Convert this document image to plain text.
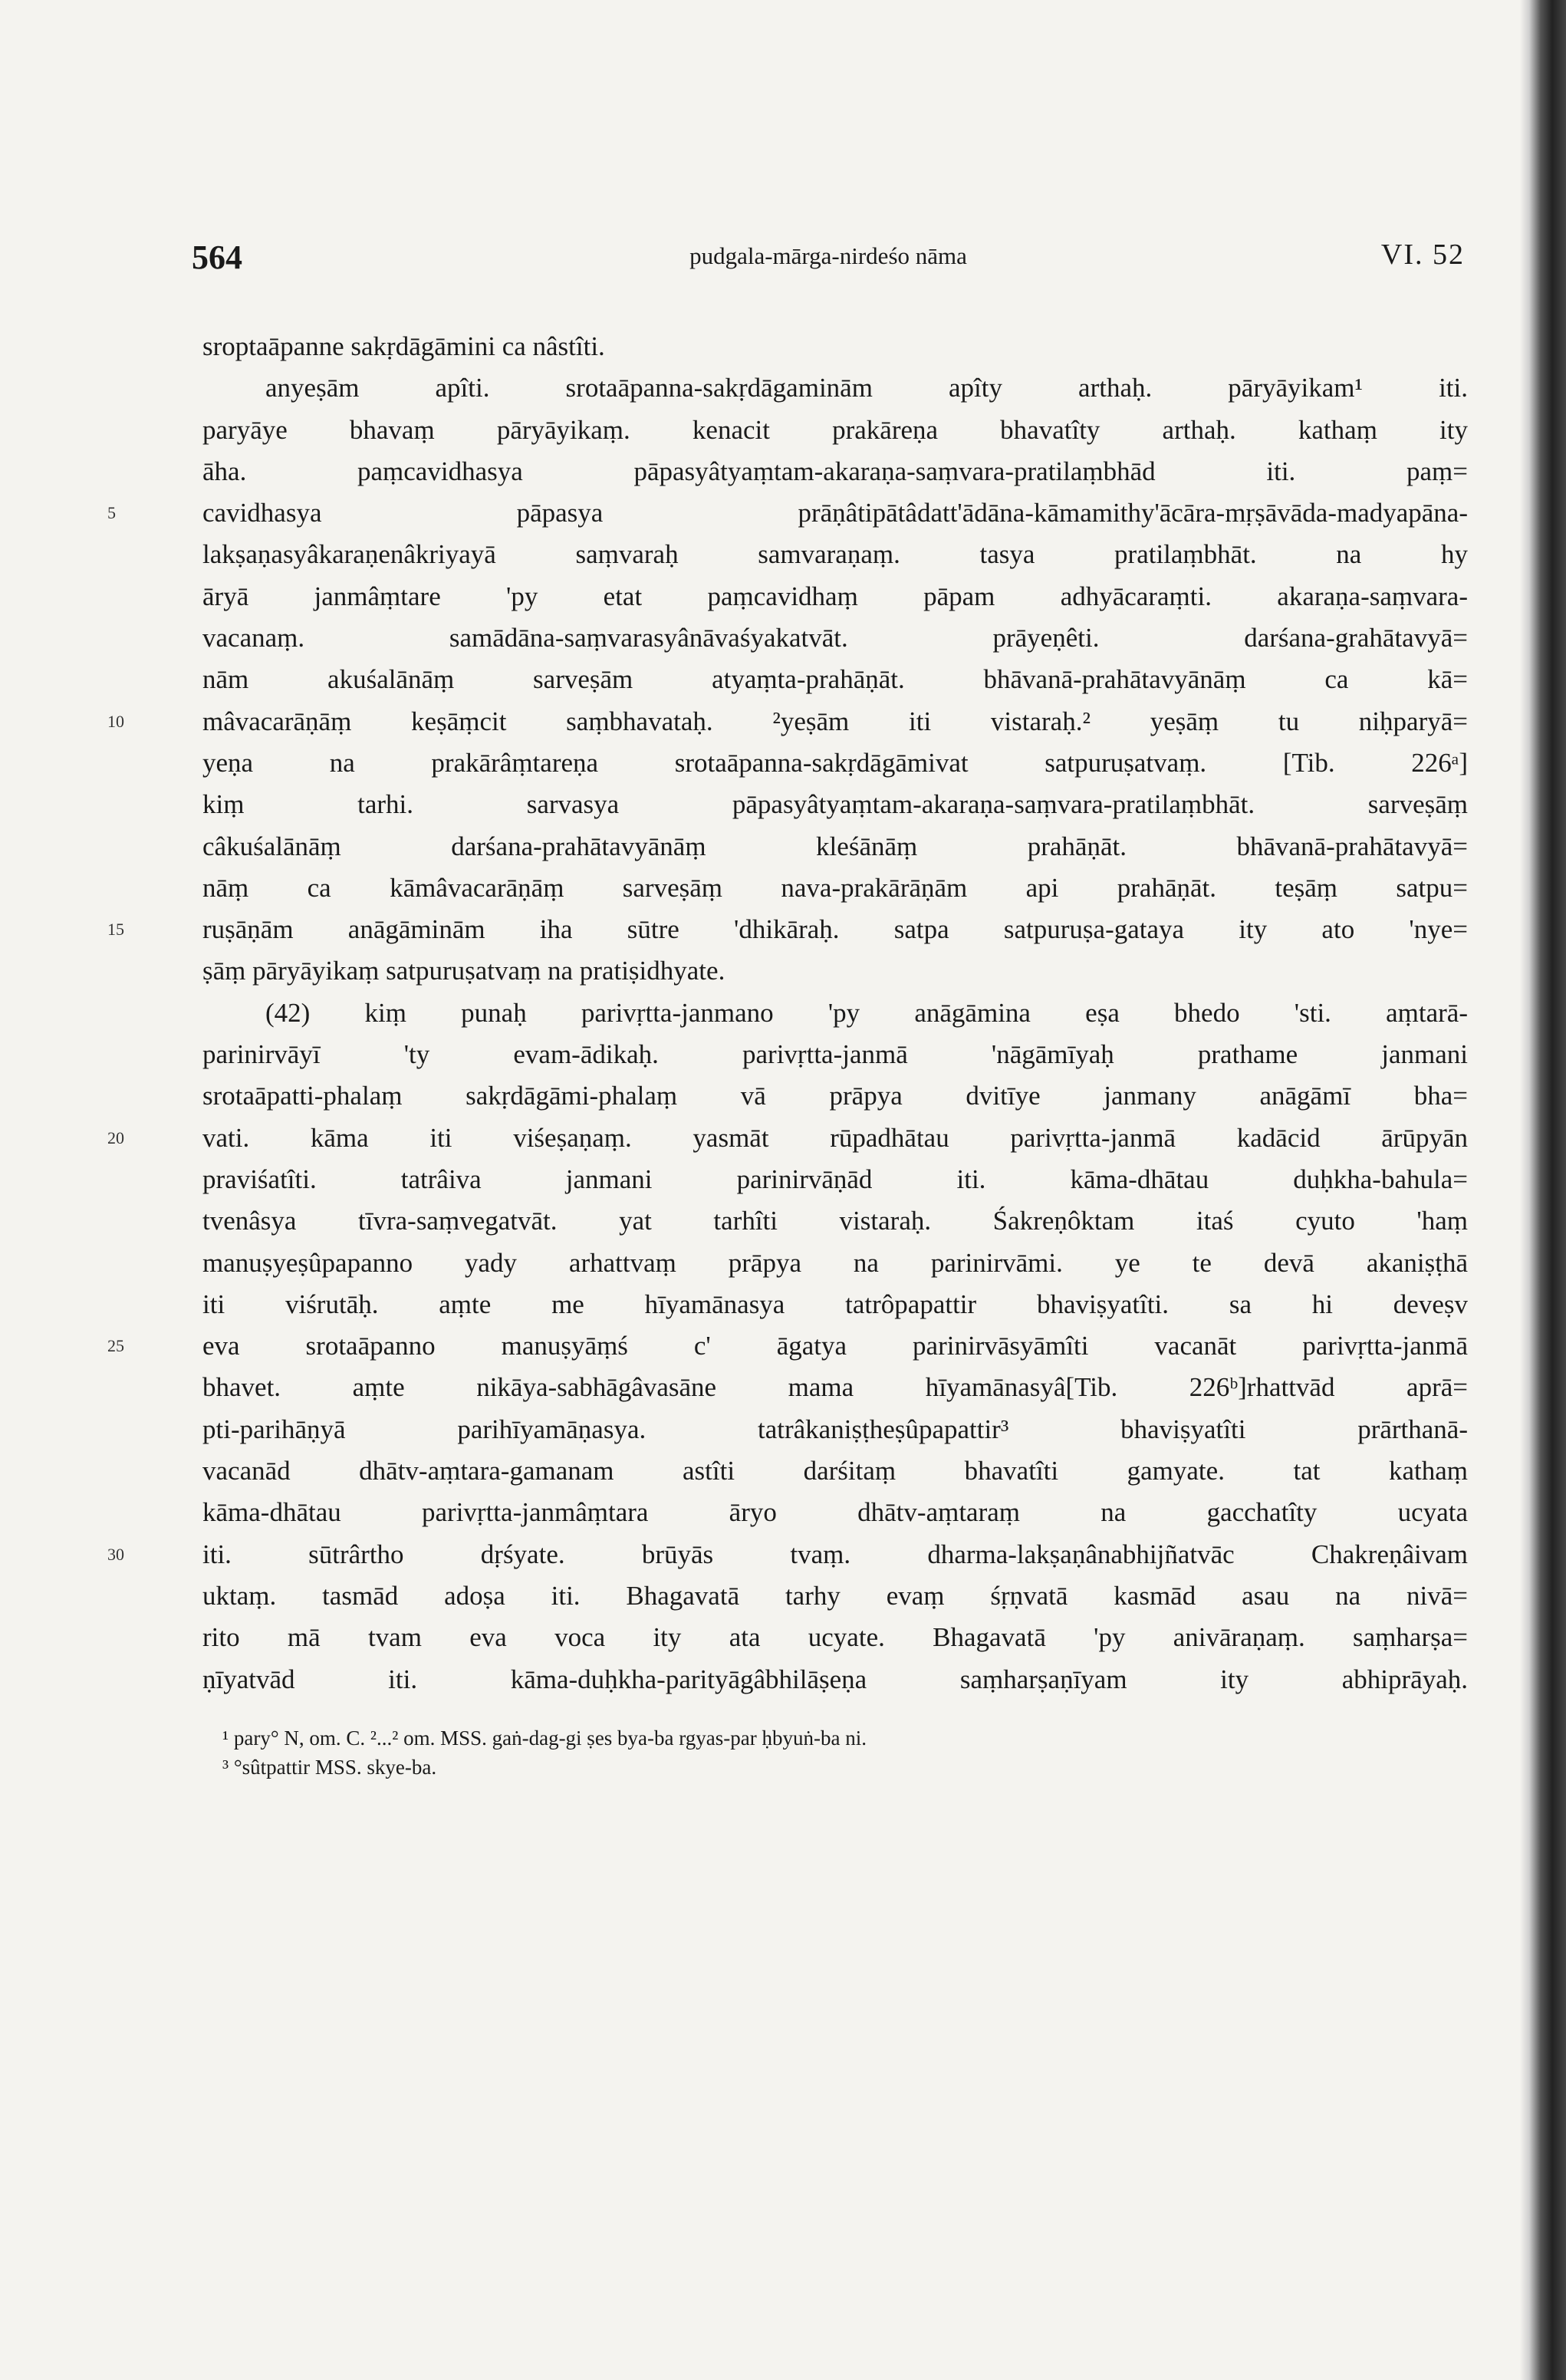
564	pudgala-mārga-nirdeśo nāma	VI. 52
sroptaāpanne sakṛdāgāmini ca nâstîti.
anyeṣām apîti. srotaāpanna-sakṛdāgaminām apîty arthaḥ. pāryāyikam¹ iti.
paryāye bhavaṃ pāryāyikaṃ. kenacit prakāreṇa bhavatîty arthaḥ. kathaṃ ity
āha. paṃcavidhasya pāpasyâtyaṃtam-akaraṇa-saṃvara-pratilaṃbhād iti. paṃ=
5	cavidhasya pāpasya prāṇâtipātâdatt'ādāna-kāmamithy'ācāra-mṛṣāvāda-madyapāna-
lakṣaṇasyâkaraṇenâkriyayā saṃvaraḥ samvaraṇaṃ. tasya pratilaṃbhāt. na hy
āryā janmâṃtare 'py etat paṃcavidhaṃ pāpam adhyācaraṃti. akaraṇa-saṃvara-
vacanaṃ. samādāna-saṃvarasyânāvaśyakatvāt. prāyeṇêti. darśana-grahātavyā=
nām akuśalānāṃ sarveṣām atyaṃta-prahāṇāt. bhāvanā-prahātavyānāṃ ca kā=
10	mâvacarāṇāṃ keṣāṃcit saṃbhavataḥ. ²yeṣām iti vistaraḥ.² yeṣāṃ tu niḥparyā=
yeṇa na prakārâṃtareṇa srotaāpanna-sakṛdāgāmivat satpuruṣatvaṃ. [Tib. 226ᵃ]
kiṃ tarhi. sarvasya pāpasyâtyaṃtam-akaraṇa-saṃvara-pratilaṃbhāt. sarveṣāṃ
câkuśalānāṃ darśana-prahātavyānāṃ kleśānāṃ prahāṇāt. bhāvanā-prahātavyā=
nāṃ ca kāmâvacarāṇāṃ sarveṣāṃ nava-prakārāṇām api prahāṇāt. teṣāṃ satpu=
15	ruṣāṇām anāgāminām iha sūtre 'dhikāraḥ. satpa satpuruṣa-gataya ity ato 'nye=
ṣāṃ pāryāyikaṃ satpuruṣatvaṃ na pratiṣidhyate.
(42) kiṃ punaḥ parivṛtta-janmano 'py anāgāmina eṣa bhedo 'sti. aṃtarā-
parinirvāyī 'ty evam-ādikaḥ. parivṛtta-janmā 'nāgāmīyaḥ prathame janmani
srotaāpatti-phalaṃ sakṛdāgāmi-phalaṃ vā prāpya dvitīye janmany anāgāmī bha=
20	vati. kāma iti viśeṣaṇaṃ. yasmāt rūpadhātau parivṛtta-janmā kadācid ārūpyān
praviśatîti. tatrâiva janmani parinirvāṇād iti. kāma-dhātau duḥkha-bahula=
tvenâsya tīvra-saṃvegatvāt. yat tarhîti vistaraḥ. Śakreṇôktam itaś cyuto 'haṃ
manuṣyeṣûpapanno yady arhattvaṃ prāpya na parinirvāmi. ye te devā akaniṣṭhā
iti viśrutāḥ. aṃte me hīyamānasya tatrôpapattir bhaviṣyatîti. sa hi deveṣv
25	eva srotaāpanno manuṣyāṃś c' āgatya parinirvāsyāmîti vacanāt parivṛtta-janmā
bhavet. aṃte nikāya-sabhāgâvasāne mama hīyamānasyâ[Tib. 226ᵇ]rhattvād aprā=
pti-parihāṇyā parihīyamāṇasya. tatrâkaniṣṭheṣûpapattir³ bhaviṣyatîti prārthanā-
vacanād dhātv-aṃtara-gamanam astîti darśitaṃ bhavatîti gamyate. tat kathaṃ
kāma-dhātau parivṛtta-janmâṃtara āryo dhātv-aṃtaraṃ na gacchatîty ucyata
30	iti. sūtrârtho dṛśyate. brūyās tvaṃ. dharma-lakṣaṇânabhijñatvāc Chakreṇâivam
uktaṃ. tasmād adoṣa iti. Bhagavatā tarhy evaṃ śṛṇvatā kasmād asau na nivā=
rito mā tvam eva voca ity ata ucyate. Bhagavatā 'py anivāraṇaṃ. saṃharṣa=
ṇīyatvād iti. kāma-duḥkha-parityāgâbhilāṣeṇa saṃharṣaṇīyam ity abhiprāyaḥ.
¹ pary° N, om. C. ²...² om. MSS. gaṅ-dag-gi ṣes bya-ba rgyas-par ḥbyuṅ-ba ni.
³ °sûtpattir MSS. skye-ba.
